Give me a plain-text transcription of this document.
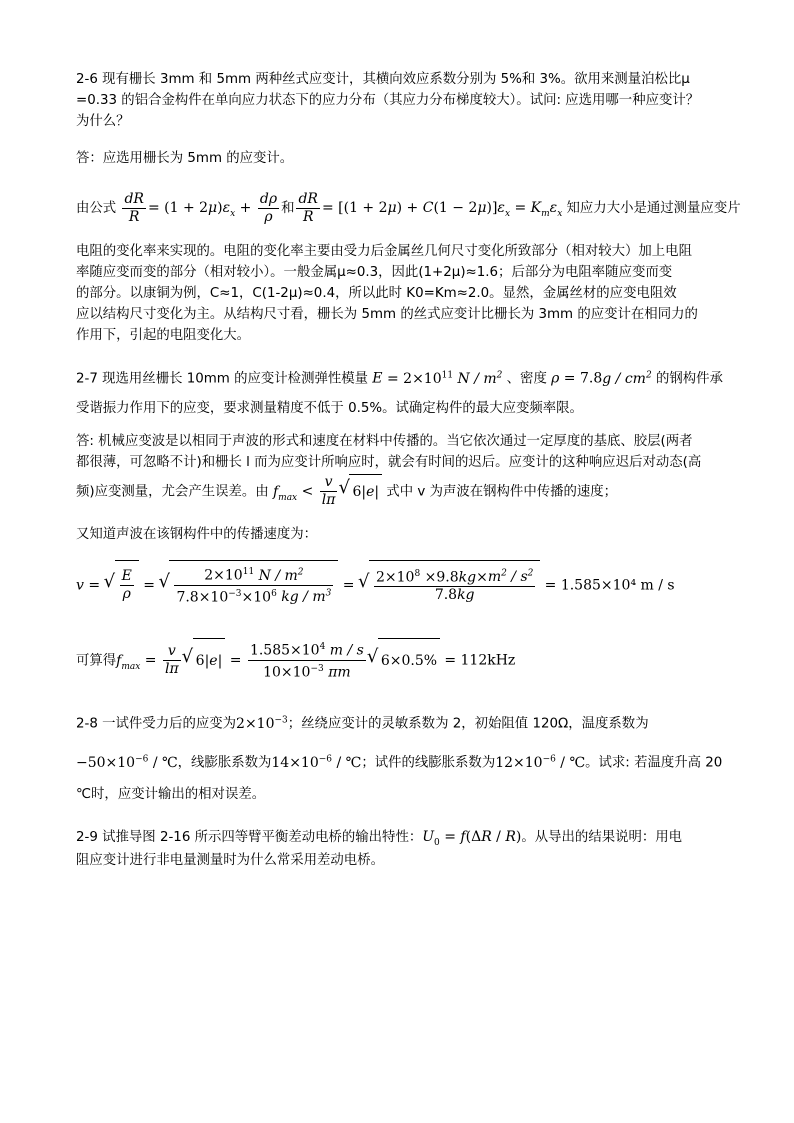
2-6 现有栅长 3mm 和 5mm 两种丝式应变计，其横向效应系数分别为 5%和 3%。欲用来测量泊松比μ
=0.33 的铝合金构件在单向应力状态下的应力分布（其应力分布梯度较大）。试问: 应选用哪一种应变计？
为什么？
答：应选用栅长为 5mm 的应变计。
由公式 $\frac{dR}{R} = (1 + 2\mu)\varepsilon_x + \frac{d\rho}{\rho}$ 和 $\frac{dR}{R} = [(1 + 2\mu) + C(1 - 2\mu)]\varepsilon_x = K_m\varepsilon_x$ 知应力大小是通过测量应变片
电阻的变化率来实现的。电阻的变化率主要由受力后金属丝几何尺寸变化所致部分（相对较大）加上电阻
率随应变而变的部分（相对较小）。一般金属μ≈0.3，因此(1+2μ)≈1.6；后部分为电阻率随应变而变
的部分。以康铜为例，C≈1，C(1-2μ)≈0.4，所以此时 K0=Km≈2.0。显然，金属丝材的应变电阻效
应以结构尺寸变化为主。从结构尺寸看，栅长为 5mm 的丝式应变计比栅长为 3mm 的应变计在相同力的
作用下，引起的电阻变化大。
2-7 现选用丝栅长 10mm 的应变计检测弹性模量 $E = 2\times 10^{11}$ N / $m^2$ 、密度 $\rho = 7.8g / cm^2$ 的钢构件承
受谐振力作用下的应变，要求测量精度不低于 0.5%。试确定构件的最大应变频率限。
答: 机械应变波是以相同于声波的形式和速度在材料中传播的。当它依次通过一定厚度的基底、胶层(两者
都很薄，可忽略不计)和栅长 l 而为应变计所响应时，就会有时间的迟后。应变计的这种响应迟后对动态(高
频)应变测量，尤会产生误差。由 $f_{max} < \frac{v}{l\pi}$ √ 6|e| 式中 v 为声波在钢构件中传播的速度；
又知道声波在该钢构件中的传播速度为：
v = √ $\frac{E}{\rho}$ = √ $\frac{2\times 10^{11} N / m^2}{7.8\times 10^{-3}\times 10^6 kg / m^3}$ = √ $\frac{2\times 10^8 \times 9.8kg\times m^2 / s^2}{7.8kg} = 1.585\times 10^4$ m / s
可算得$f_{max} = \frac{v}{l\pi}$ √ $6|e| = \frac{1.585\times 10^4 m / s}{10\times 10^{-3} \pi m}$ √ 6×0.5% = 112kHz
2-8 一试件受力后的应变为$2\times 10^{-3}$；丝绕应变计的灵敏系数为 2，初始阻值 120Ω，温度系数为
$-50\times 10^{-6}$ / ℃，线膨胀系数为$14\times 10^{-6}$ / ℃；试件的线膨胀系数为$12\times 10^{-6}$ / ℃。试求: 若温度升高 20
℃时，应变计输出的相对误差。
2-9 试推导图 2-16 所示四等臂平衡差动电桥的输出特性：$U_0 = f(\Delta R / R)$。从导出的结果说明：用电
阻应变计进行非电量测量时为什么常采用差动电桥。
